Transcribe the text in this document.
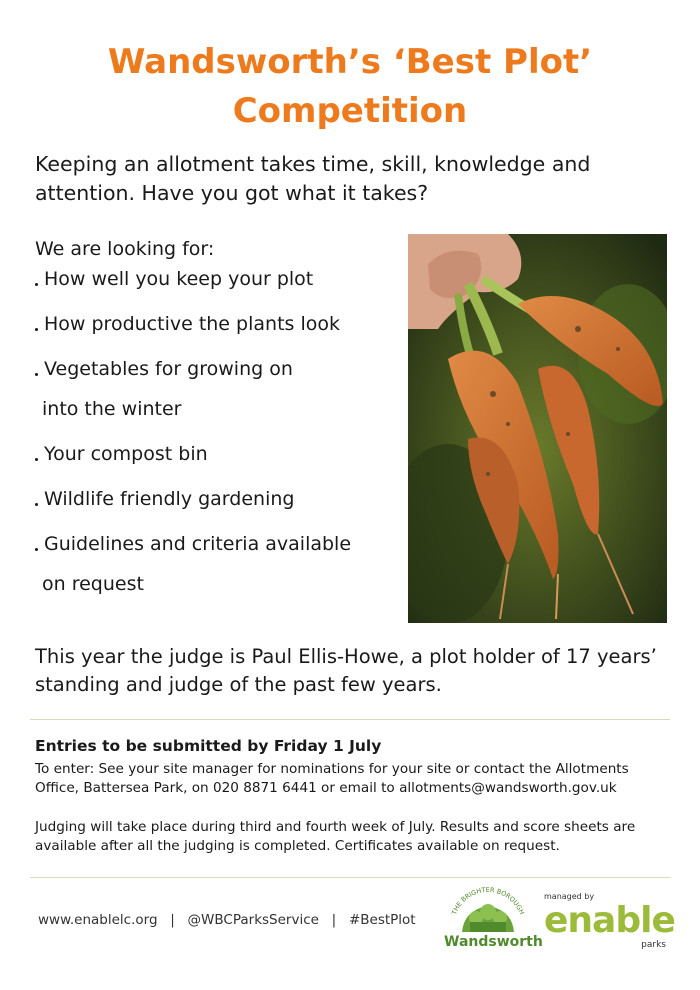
Wandsworth’s ‘Best Plot’
Competition
Keeping an allotment takes time, skill, knowledge and attention. Have you got what it takes?
We are looking for:
How well you keep your plot
How productive the plants look
Vegetables for growing on
into the winter
Your compost bin
Wildlife friendly gardening
Guidelines and criteria available
on request
This year the judge is Paul Ellis-Howe, a plot holder of 17 years’ standing and judge of the past few years.
Entries to be submitted by Friday 1 July
To enter: See your site manager for nominations for your site or contact the Allotments Office, Battersea Park, on 020 8871 6441 or email to allotments@wandsworth.gov.uk
Judging will take place during third and fourth week of July. Results and score sheets are available after all the judging is completed. Certificates available on request.
www.enablelc.org | @WBCParksService | #BestPlot	THE BRIGHTER BOROUGH
Wandsworth
managed by
enable
parks
